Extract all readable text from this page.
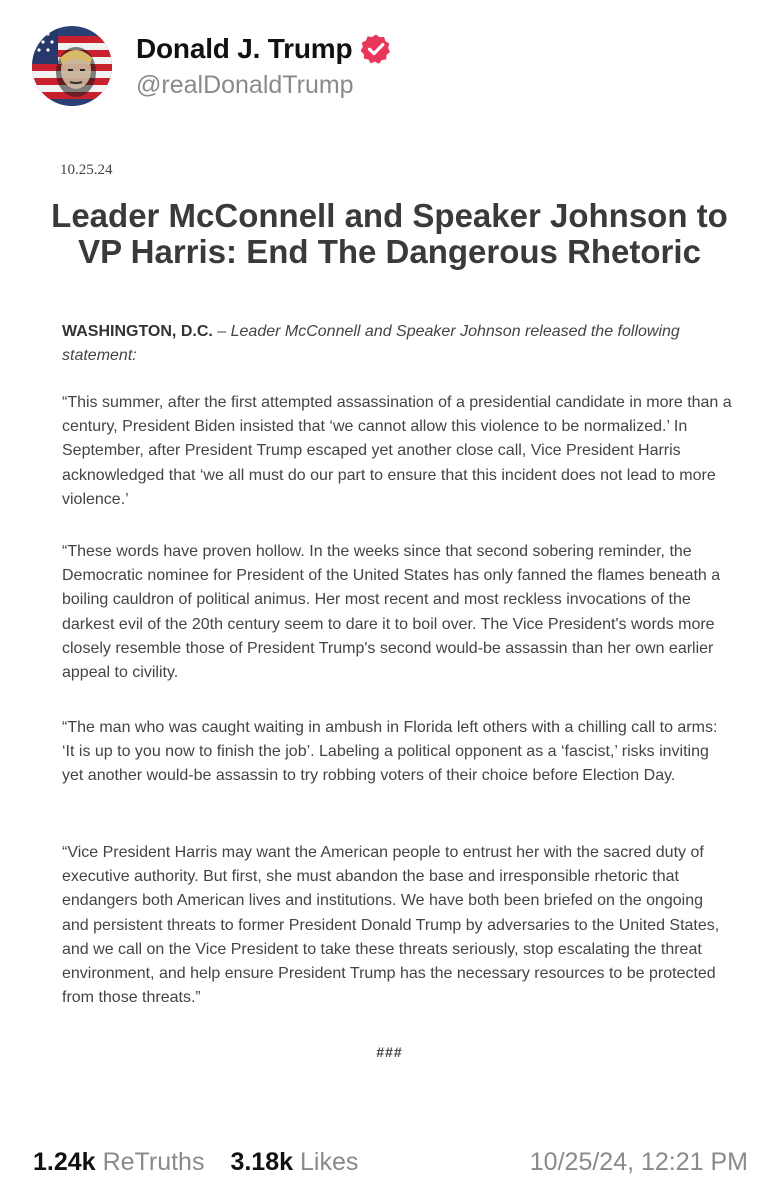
Donald J. Trump
@realDonaldTrump
10.25.24
Leader McConnell and Speaker Johnson to VP Harris: End The Dangerous Rhetoric
WASHINGTON, D.C. – Leader McConnell and Speaker Johnson released the following statement:
“This summer, after the first attempted assassination of a presidential candidate in more than a century, President Biden insisted that ‘we cannot allow this violence to be normalized.’ In September, after President Trump escaped yet another close call, Vice President Harris acknowledged that ‘we all must do our part to ensure that this incident does not lead to more violence.’
“These words have proven hollow. In the weeks since that second sobering reminder, the Democratic nominee for President of the United States has only fanned the flames beneath a boiling cauldron of political animus. Her most recent and most reckless invocations of the darkest evil of the 20th century seem to dare it to boil over. The Vice President's words more closely resemble those of President Trump's second would-be assassin than her own earlier appeal to civility.
“The man who was caught waiting in ambush in Florida left others with a chilling call to arms: ‘It is up to you now to finish the job’. Labeling a political opponent as a ‘fascist,’ risks inviting yet another would-be assassin to try robbing voters of their choice before Election Day.
“Vice President Harris may want the American people to entrust her with the sacred duty of executive authority. But first, she must abandon the base and irresponsible rhetoric that endangers both American lives and institutions. We have both been briefed on the ongoing and persistent threats to former President Donald Trump by adversaries to the United States, and we call on the Vice President to take these threats seriously, stop escalating the threat environment, and help ensure President Trump has the necessary resources to be protected from those threats.”
###
1.24k ReTruths 3.18k Likes	10/25/24, 12:21 PM
